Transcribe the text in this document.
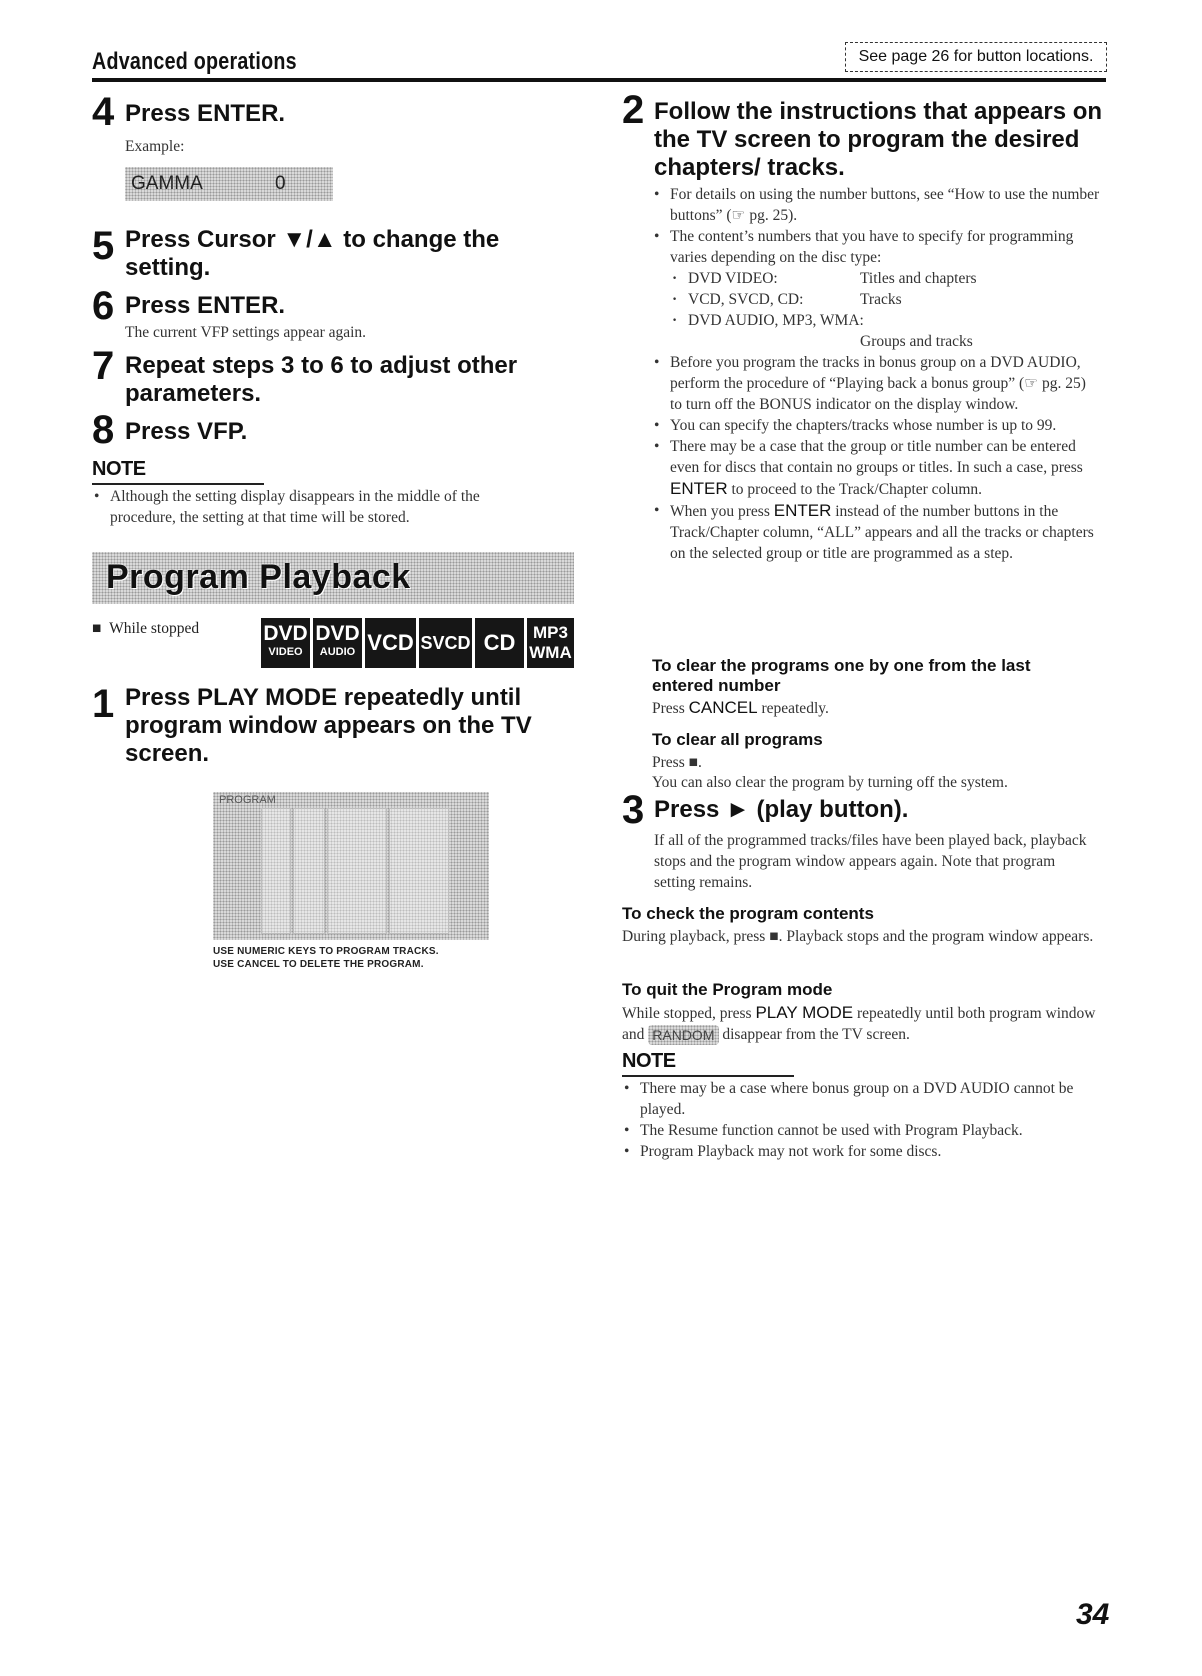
Advanced operations	See page 26 for button locations.
4 Press ENTER.
Example:
GAMMA	0
5 Press Cursor ▼/▲ to change the setting.
6 Press ENTER.
The current VFP settings appear again.
7 Repeat steps 3 to 6 to adjust other parameters.
8 Press VFP.
NOTE
• Although the setting display disappears in the middle of the procedure, the setting at that time will be stored.
Program Playback
■  While stopped	DVD
VIDEO
DVD
AUDIO VCD SVCD CD	MP3
WMA
1 Press PLAY MODE repeatedly until program window appears on the TV screen.
PROGRAM
USE NUMERIC KEYS TO PROGRAM TRACKS.
USE CANCEL TO DELETE THE PROGRAM.
2 Follow the instructions that appears on the TV screen to program the desired chapters/ tracks.
• For details on using the number buttons, see “How to use the number buttons” (☞ pg. 25).
• The content’s numbers that you have to specify for programming varies depending on the disc type:
· DVD VIDEO:	Titles and chapters
· VCD, SVCD, CD:	Tracks
· DVD AUDIO, MP3, WMA:
Groups and tracks
• Before you program the tracks in bonus group on a DVD AUDIO, perform the procedure of “Playing back a bonus group” (☞ pg. 25) to turn off the BONUS indicator on the display window.
• You can specify the chapters/tracks whose number is up to 99.
• There may be a case that the group or title number can be entered even for discs that contain no groups or titles. In such a case, press ENTER to proceed to the Track/Chapter column.
• When you press ENTER instead of the number buttons in the Track/Chapter column, “ALL” appears and all the tracks or chapters on the selected group or title are programmed as a step.
To clear the programs one by one from the last entered number
Press CANCEL repeatedly.
To clear all programs
Press ■.
You can also clear the program by turning off the system.
3 Press ► (play button).
If all of the programmed tracks/files have been played back, playback stops and the program window appears again. Note that program setting remains.
To check the program contents
During playback, press ■. Playback stops and the program window appears.
To quit the Program mode
While stopped, press PLAY MODE repeatedly until both program window and RANDOM disappear from the TV screen.
NOTE
• There may be a case where bonus group on a DVD AUDIO cannot be played.
• The Resume function cannot be used with Program Playback.
• Program Playback may not work for some discs.
34
